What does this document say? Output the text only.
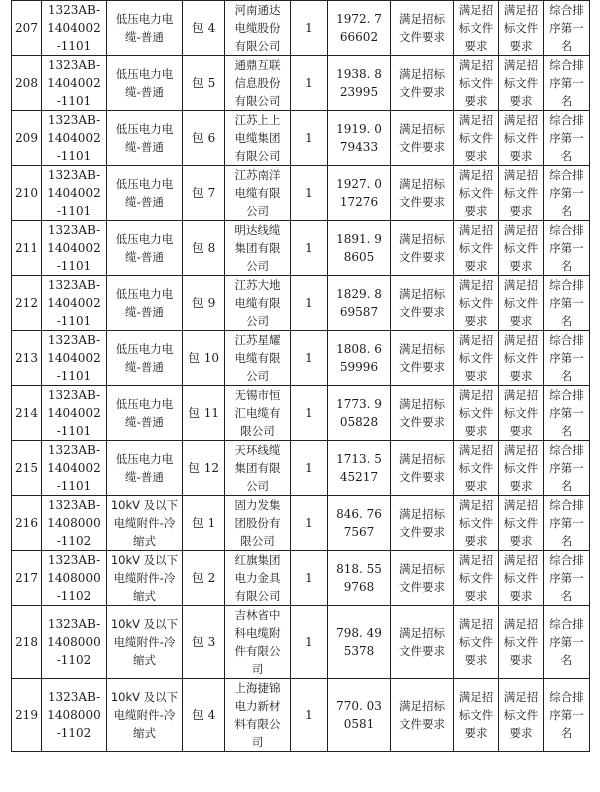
207	1323AB-
1404002
-1101	低压电力电
缆-普通	包 4	河南通达
电缆股份
有限公司	1	1972. 7
66602	满足招标
文件要求	满足招
标文件
要求	满足招
标文件
要求	综合排
序第一
名

208	1323AB-
1404002
-1101	低压电力电
缆-普通	包 5	通鼎互联
信息股份
有限公司	1	1938. 8
23995	满足招标
文件要求	满足招
标文件
要求	满足招
标文件
要求	综合排
序第一
名

209	1323AB-
1404002
-1101	低压电力电
缆-普通	包 6	江苏上上
电缆集团
有限公司	1	1919. 0
79433	满足招标
文件要求	满足招
标文件
要求	满足招
标文件
要求	综合排
序第一
名

210	1323AB-
1404002
-1101	低压电力电
缆-普通	包 7	江苏南洋
电缆有限
公司	1	1927. 0
17276	满足招标
文件要求	满足招
标文件
要求	满足招
标文件
要求	综合排
序第一
名

211	1323AB-
1404002
-1101	低压电力电
缆-普通	包 8	明达线缆
集团有限
公司	1	1891. 9
8605	满足招标
文件要求	满足招
标文件
要求	满足招
标文件
要求	综合排
序第一
名

212	1323AB-
1404002
-1101	低压电力电
缆-普通	包 9	江苏大地
电缆有限
公司	1	1829. 8
69587	满足招标
文件要求	满足招
标文件
要求	满足招
标文件
要求	综合排
序第一
名

213	1323AB-
1404002
-1101	低压电力电
缆-普通	包 10	江苏星耀
电缆有限
公司	1	1808. 6
59996	满足招标
文件要求	满足招
标文件
要求	满足招
标文件
要求	综合排
序第一
名

214	1323AB-
1404002
-1101	低压电力电
缆-普通	包 11	无锡市恒
汇电缆有
限公司	1	1773. 9
05828	满足招标
文件要求	满足招
标文件
要求	满足招
标文件
要求	综合排
序第一
名

215	1323AB-
1404002
-1101	低压电力电
缆-普通	包 12	天环线缆
集团有限
公司	1	1713. 5
45217	满足招标
文件要求	满足招
标文件
要求	满足招
标文件
要求	综合排
序第一
名

216	1323AB-
1408000
-1102	10kV 及以下
电缆附件-冷
缩式	包 1	固力发集
团股份有
限公司	1	846. 76
7567	满足招标
文件要求	满足招
标文件
要求	满足招
标文件
要求	综合排
序第一
名

217	1323AB-
1408000
-1102	10kV 及以下
电缆附件-冷
缩式	包 2	红旗集团
电力金具
有限公司	1	818. 55
9768	满足招标
文件要求	满足招
标文件
要求	满足招
标文件
要求	综合排
序第一
名

218	1323AB-
1408000
-1102	10kV 及以下
电缆附件-冷
缩式	包 3	吉林省中
科电缆附
件有限公
司	1	798. 49
5378	满足招标
文件要求	满足招
标文件
要求	满足招
标文件
要求	综合排
序第一
名

219	1323AB-
1408000
-1102	10kV 及以下
电缆附件-冷
缩式	包 4	上海捷锦
电力新材
料有限公
司	1	770. 03
0581	满足招标
文件要求	满足招
标文件
要求	满足招
标文件
要求	综合排
序第一
名
